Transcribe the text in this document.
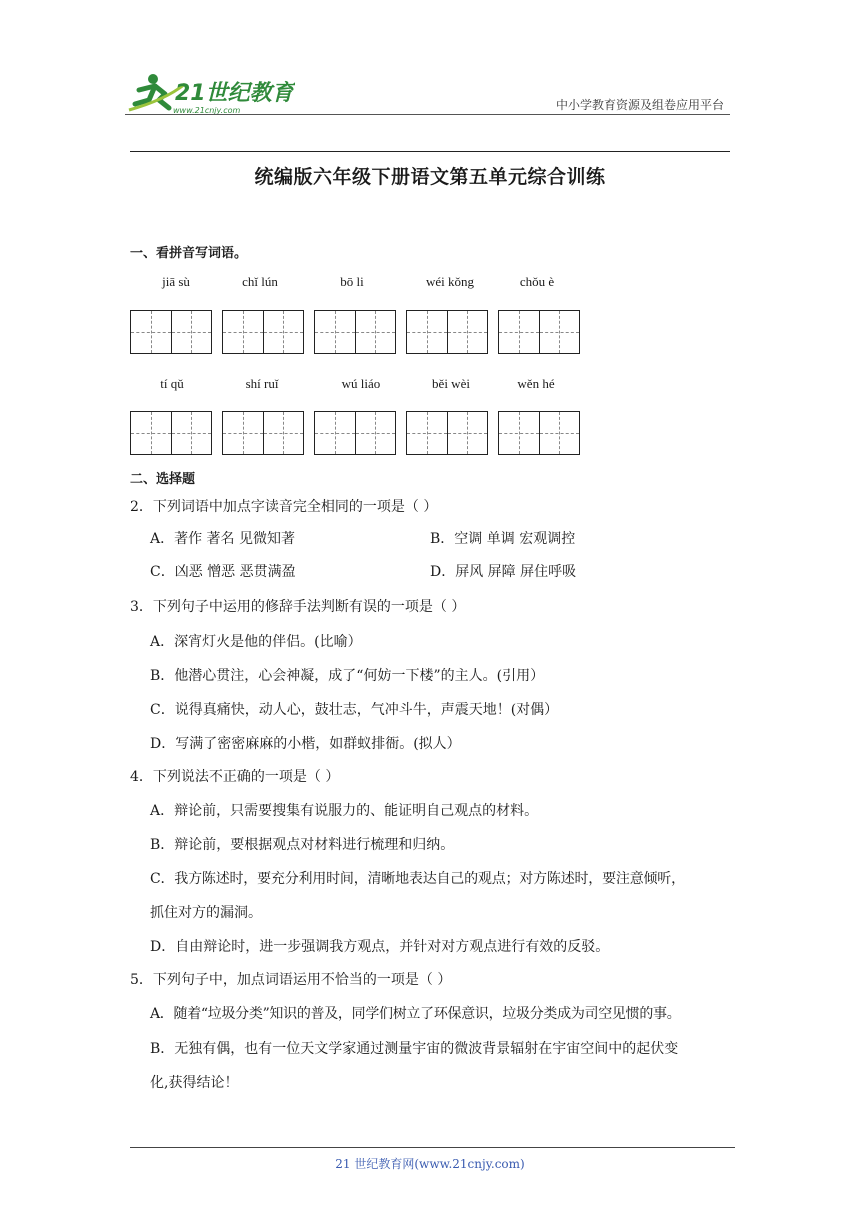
21世纪教育
www.21cnjy.com	中小学教育资源及组卷应用平台
统编版六年级下册语文第五单元综合训练
一、看拼音写词语。
jiā sù	chǐ lún	bō li	wéi kǒng	chǒu è
tí qǔ	shí ruǐ	wú liáo	běi wèi	wěn hé
二、选择题
2．下列词语中加点字读音完全相同的一项是（ ）
A．著作 著名 见微知著	B．空调 单调 宏观调控
C．凶恶 憎恶 恶贯满盈	D．屏风 屏障 屏住呼吸
3．下列句子中运用的修辞手法判断有误的一项是（ ）
A．深宵灯火是他的伴侣。(比喻）
B．他潜心贯注，心会神凝，成了“何妨一下楼”的主人。(引用）
C．说得真痛快，动人心，鼓壮志，气冲斗牛，声震天地！(对偶）
D．写满了密密麻麻的小楷，如群蚁排衙。(拟人）
4．下列说法不正确的一项是（ ）
A．辩论前，只需要搜集有说服力的、能证明自己观点的材料。
B．辩论前，要根据观点对材料进行梳理和归纳。
C．我方陈述时，要充分利用时间，清晰地表达自己的观点；对方陈述时，要注意倾听，
抓住对方的漏洞。
D．自由辩论时，进一步强调我方观点，并针对对方观点进行有效的反驳。
5．下列句子中，加点词语运用不恰当的一项是（ ）
A．随着“垃圾分类”知识的普及，同学们树立了环保意识，垃圾分类成为司空见惯的事。
B．无独有偶，也有一位天文学家通过测量宇宙的微波背景辐射在宇宙空间中的起伏变
化,获得结论！
21 世纪教育网(www.21cnjy.com)
